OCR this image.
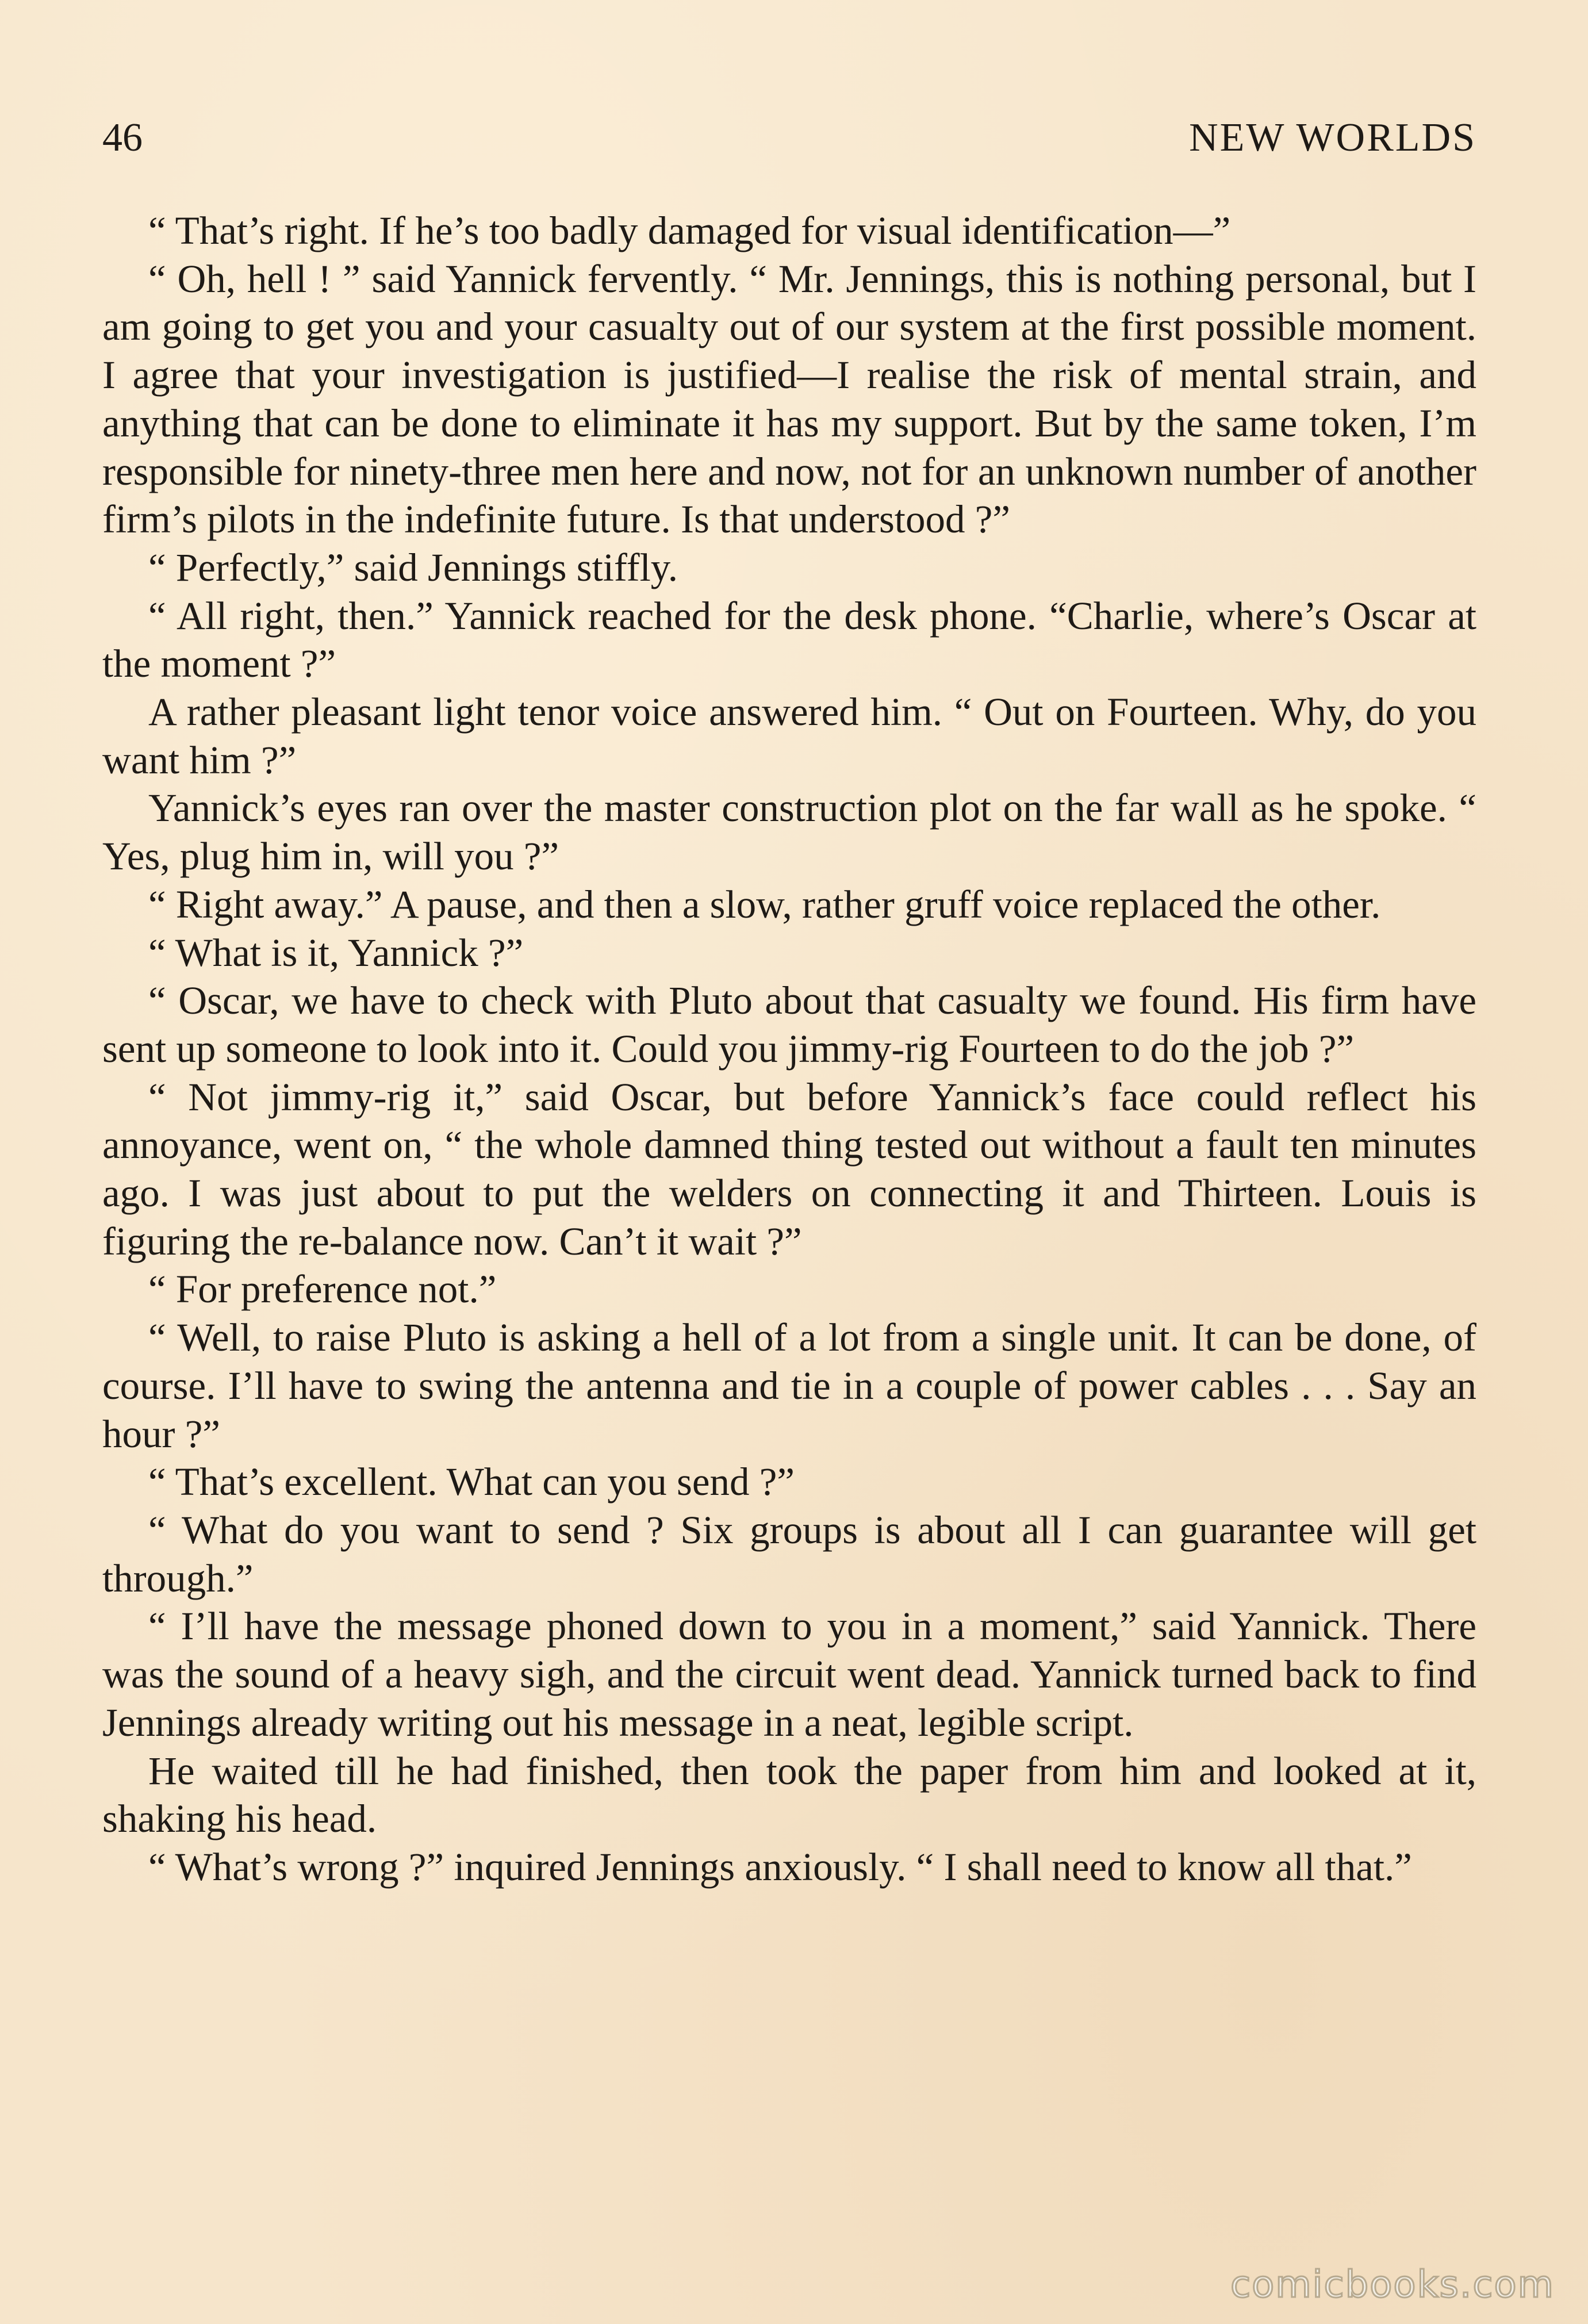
46	NEW WORLDS

“ That’s right. If he’s too badly damaged for visual identification—”

“ Oh, hell ! ” said Yannick fervently. “ Mr. Jennings, this is nothing personal, but I am going to get you and your casualty out of our system at the first possible moment. I agree that your investigation is justified—I realise the risk of mental strain, and anything that can be done to eliminate it has my support. But by the same token, I’m responsible for ninety-three men here and now, not for an unknown number of another firm’s pilots in the indefinite future. Is that understood ?”

“ Perfectly,” said Jennings stiffly.

“ All right, then.” Yannick reached for the desk phone. “Charlie, where’s Oscar at the moment ?”

A rather pleasant light tenor voice answered him. “ Out on Fourteen. Why, do you want him ?”

Yannick’s eyes ran over the master construction plot on the far wall as he spoke. “ Yes, plug him in, will you ?”

“ Right away.” A pause, and then a slow, rather gruff voice replaced the other.

“ What is it, Yannick ?”

“ Oscar, we have to check with Pluto about that casualty we found. His firm have sent up someone to look into it. Could you jimmy-rig Fourteen to do the job ?”

“ Not jimmy-rig it,” said Oscar, but before Yannick’s face could reflect his annoyance, went on, “ the whole damned thing tested out without a fault ten minutes ago. I was just about to put the welders on connecting it and Thirteen. Louis is figuring the re-balance now. Can’t it wait ?”

“ For preference not.”

“ Well, to raise Pluto is asking a hell of a lot from a single unit. It can be done, of course. I’ll have to swing the antenna and tie in a couple of power cables . . . Say an hour ?”

“ That’s excellent. What can you send ?”

“ What do you want to send ? Six groups is about all I can guarantee will get through.”

“ I’ll have the message phoned down to you in a moment,” said Yannick. There was the sound of a heavy sigh, and the circuit went dead. Yannick turned back to find Jennings already writing out his message in a neat, legible script.

He waited till he had finished, then took the paper from him and looked at it, shaking his head.

“ What’s wrong ?” inquired Jennings anxiously. “ I shall need to know all that.”

comicbooks.com
